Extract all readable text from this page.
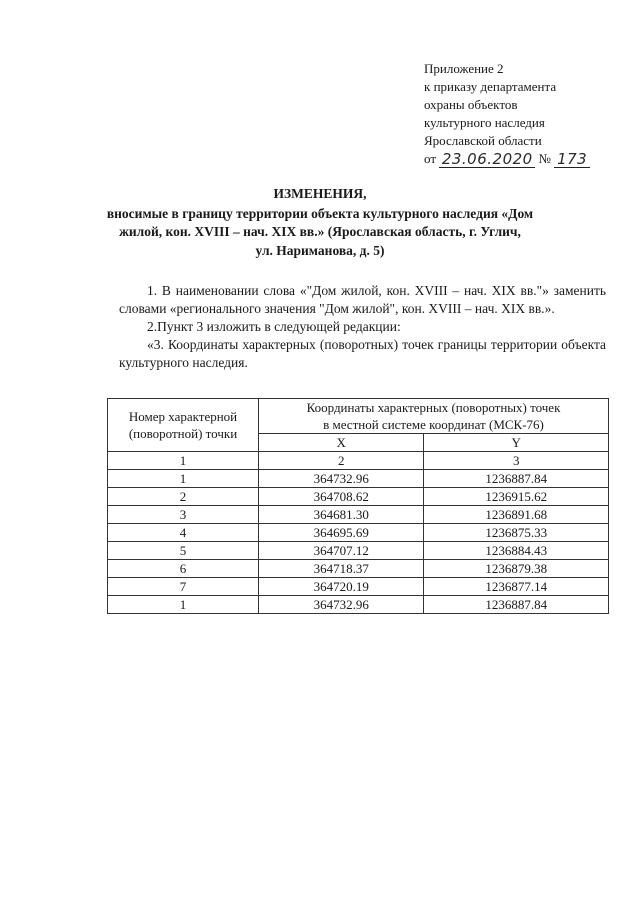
Приложение 2
к приказу департамента
охраны объектов
культурного наследия
Ярославской области
от 23.06.2020 № 173
ИЗМЕНЕНИЯ,
вносимые в границу территории объекта культурного наследия «Дом
жилой, кон. XVIII – нач. XIX вв.» (Ярославская область, г. Углич,
ул. Нариманова, д. 5)

1. В наименовании слова «"Дом жилой, кон. XVIII – нач. XIX вв."» заменить словами «регионального значения "Дом жилой", кон. XVIII – нач. XIX вв.».

2.Пункт 3 изложить в следующей редакции:

«3. Координаты характерных (поворотных) точек границы территории объекта культурного наследия.

Номер характерной (поворотной) точки	Координаты характерных (поворотных) точек
в местной системе координат (МСК-76)	
	X	Y
1	2	3
1	364732.96	1236887.84
2	364708.62	1236915.62
3	364681.30	1236891.68
4	364695.69	1236875.33
5	364707.12	1236884.43
6	364718.37	1236879.38
7	364720.19	1236877.14
1	364732.96	1236887.84
